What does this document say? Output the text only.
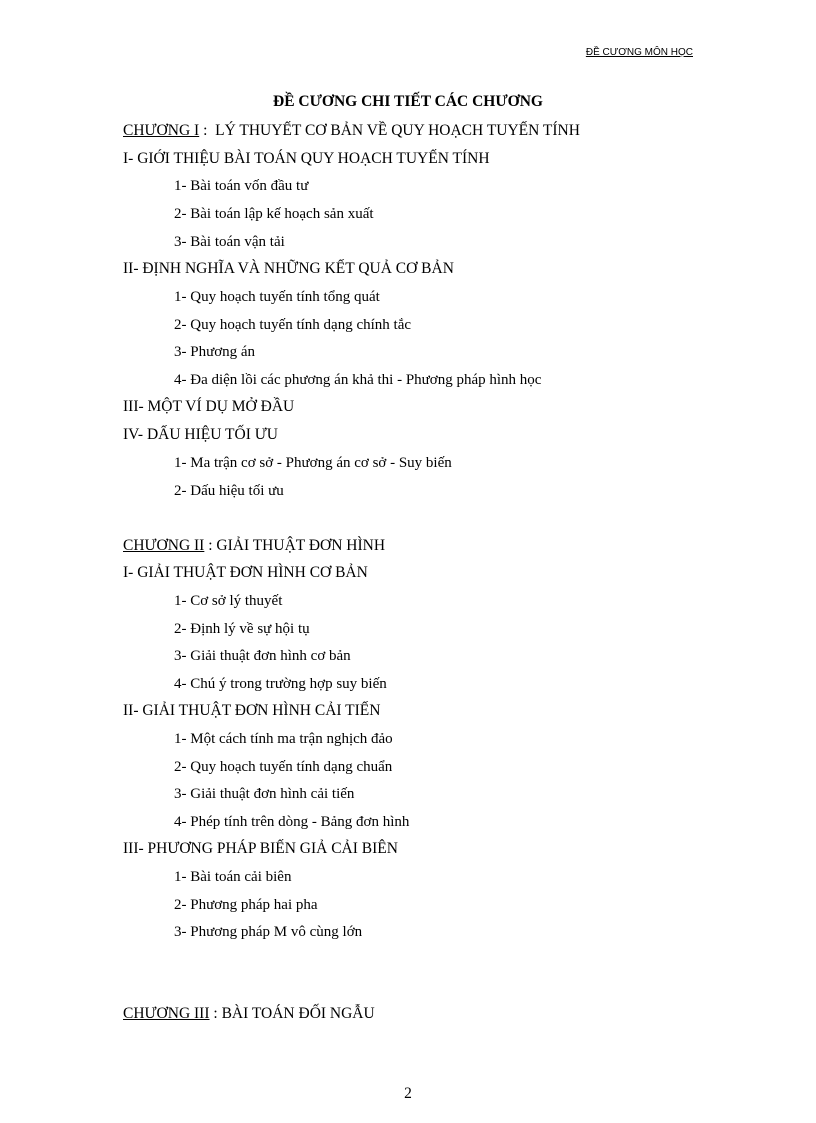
ĐỀ CƯƠNG MÔN HỌC
ĐỀ CƯƠNG CHI TIẾT CÁC CHƯƠNG
CHƯƠNG I :  LÝ THUYẾT CƠ BẢN VỀ QUY HOẠCH TUYẾN TÍNH
I- GIỚI THIỆU BÀI TOÁN QUY HOẠCH TUYẾN TÍNH
1- Bài toán vốn đầu tư
2- Bài toán lập kế hoạch sản xuất
3- Bài toán vận tải
II- ĐỊNH NGHĨA VÀ NHỮNG KẾT QUẢ CƠ BẢN
1- Quy hoạch tuyến tính tổng quát
2- Quy hoạch tuyến tính dạng chính tắc
3- Phương án
4- Đa diện lồi các phương án khả thi - Phương pháp hình học
III- MỘT VÍ DỤ MỞ ĐẦU
IV- DẤU HIỆU TỐI ƯU
1- Ma trận cơ sở - Phương án cơ sở - Suy biến
2- Dấu hiệu tối ưu
CHƯƠNG II : GIẢI THUẬT ĐƠN HÌNH
I- GIẢI THUẬT ĐƠN HÌNH CƠ BẢN
1- Cơ sở lý thuyết
2- Định lý về sự hội tụ
3- Giải thuật đơn hình cơ bản
4- Chú ý trong trường hợp suy biến
II- GIẢI THUẬT ĐƠN HÌNH CẢI TIẾN
1- Một cách tính ma trận nghịch đảo
2- Quy hoạch tuyến tính dạng chuẩn
3- Giải thuật đơn hình cải tiến
4- Phép tính trên dòng - Bảng đơn hình
III- PHƯƠNG PHÁP BIẾN GIẢ CẢI BIÊN
1- Bài toán cải biên
2- Phương pháp hai pha
3- Phương pháp M vô cùng lớn
CHƯƠNG III : BÀI TOÁN ĐỐI NGẪU
2
